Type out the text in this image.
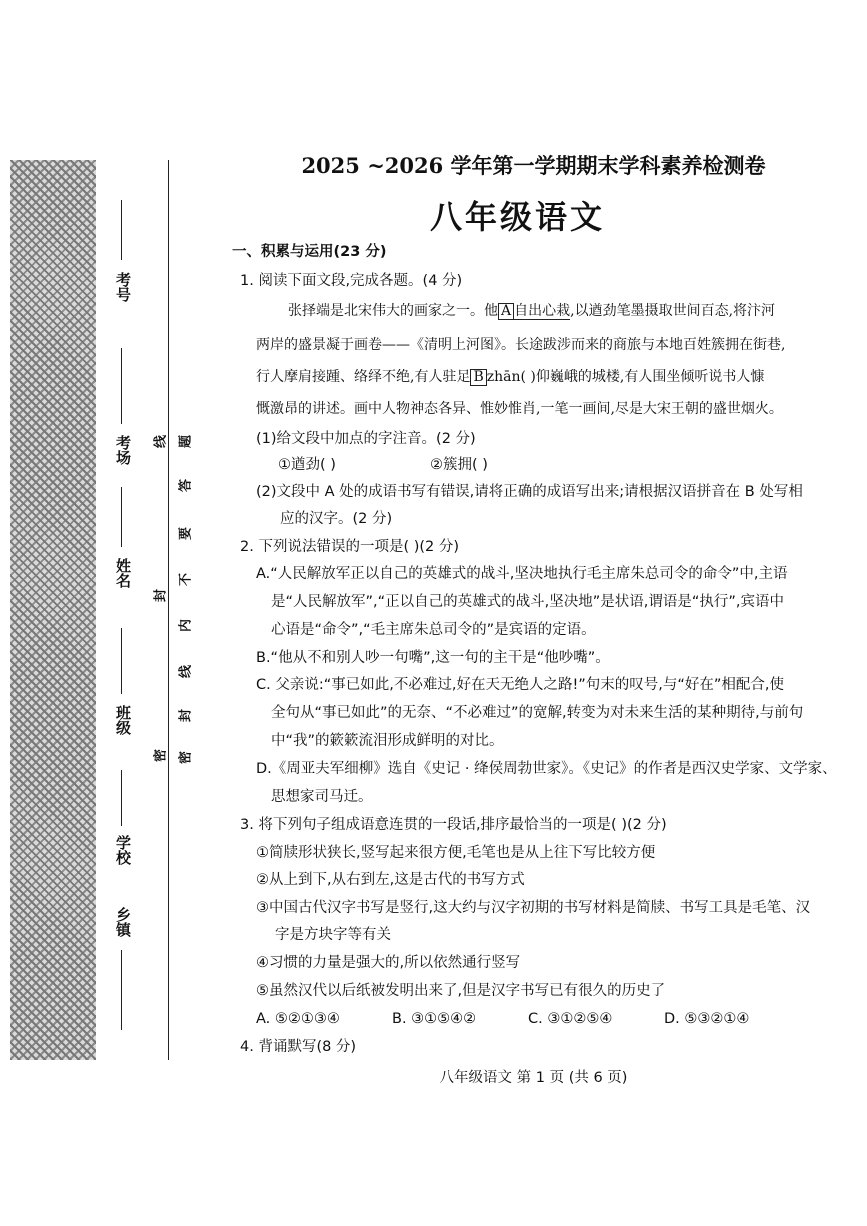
考号
考场
姓名
班级
乡镇
学校
线
封
密
题
答
要
不
内
线
封
密
2025 ~2026 学年第一学期期末学科素养检测卷
八年级语文
一、积累与运用(23 分)
1. 阅读下面文段,完成各题。(4 分)
张择端是北宋伟大的画家之一。他 A 自出心栽,以遒劲笔墨摄取世间百态,将汴河
两岸的盛景凝于画卷——《清明上河图》。长途跋涉而来的商旅与本地百姓簇拥在街巷,
行人摩肩接踵、络绎不绝,有人驻足 B zhān( )仰巍峨的城楼,有人围坐倾听说书人慷
慨激昂的讲述。画中人物神态各异、惟妙惟肖,一笔一画间,尽是大宋王朝的盛世烟火。
(1)给文段中加点的字注音。(2 分)
①遒劲( )	②簇拥( )
(2)文段中 A 处的成语书写有错误,请将正确的成语写出来;请根据汉语拼音在 B 处写相
应的汉字。(2 分)
2. 下列说法错误的一项是( )(2 分)
A.“人民解放军正以自己的英雄式的战斗,坚决地执行毛主席朱总司令的命令”中,主语
是“人民解放军”,“正以自己的英雄式的战斗,坚决地”是状语,谓语是“执行”,宾语中
心语是“命令”,“毛主席朱总司令的”是宾语的定语。
B.“他从不和别人吵一句嘴”,这一句的主干是“他吵嘴”。
C. 父亲说:“事已如此,不必难过,好在天无绝人之路!”句末的叹号,与“好在”相配合,使
全句从“事已如此”的无奈、“不必难过”的宽解,转变为对未来生活的某种期待,与前句
中“我”的簌簌流泪形成鲜明的对比。
D.《周亚夫军细柳》选自《史记 · 绛侯周勃世家》。《史记》的作者是西汉史学家、文学家、
思想家司马迁。
3. 将下列句子组成语意连贯的一段话,排序最恰当的一项是( )(2 分)
①简牍形状狭长,竖写起来很方便,毛笔也是从上往下写比较方便
②从上到下,从右到左,这是古代的书写方式
③中国古代汉字书写是竖行,这大约与汉字初期的书写材料是简牍、书写工具是毛笔、汉
字是方块字等有关
④习惯的力量是强大的,所以依然通行竖写
⑤虽然汉代以后纸被发明出来了,但是汉字书写已有很久的历史了
A. ⑤②①③④	B. ③①⑤④②	C. ③①②⑤④	D. ⑤③②①④
4. 背诵默写(8 分)
八年级语文 第 1 页 (共 6 页)
